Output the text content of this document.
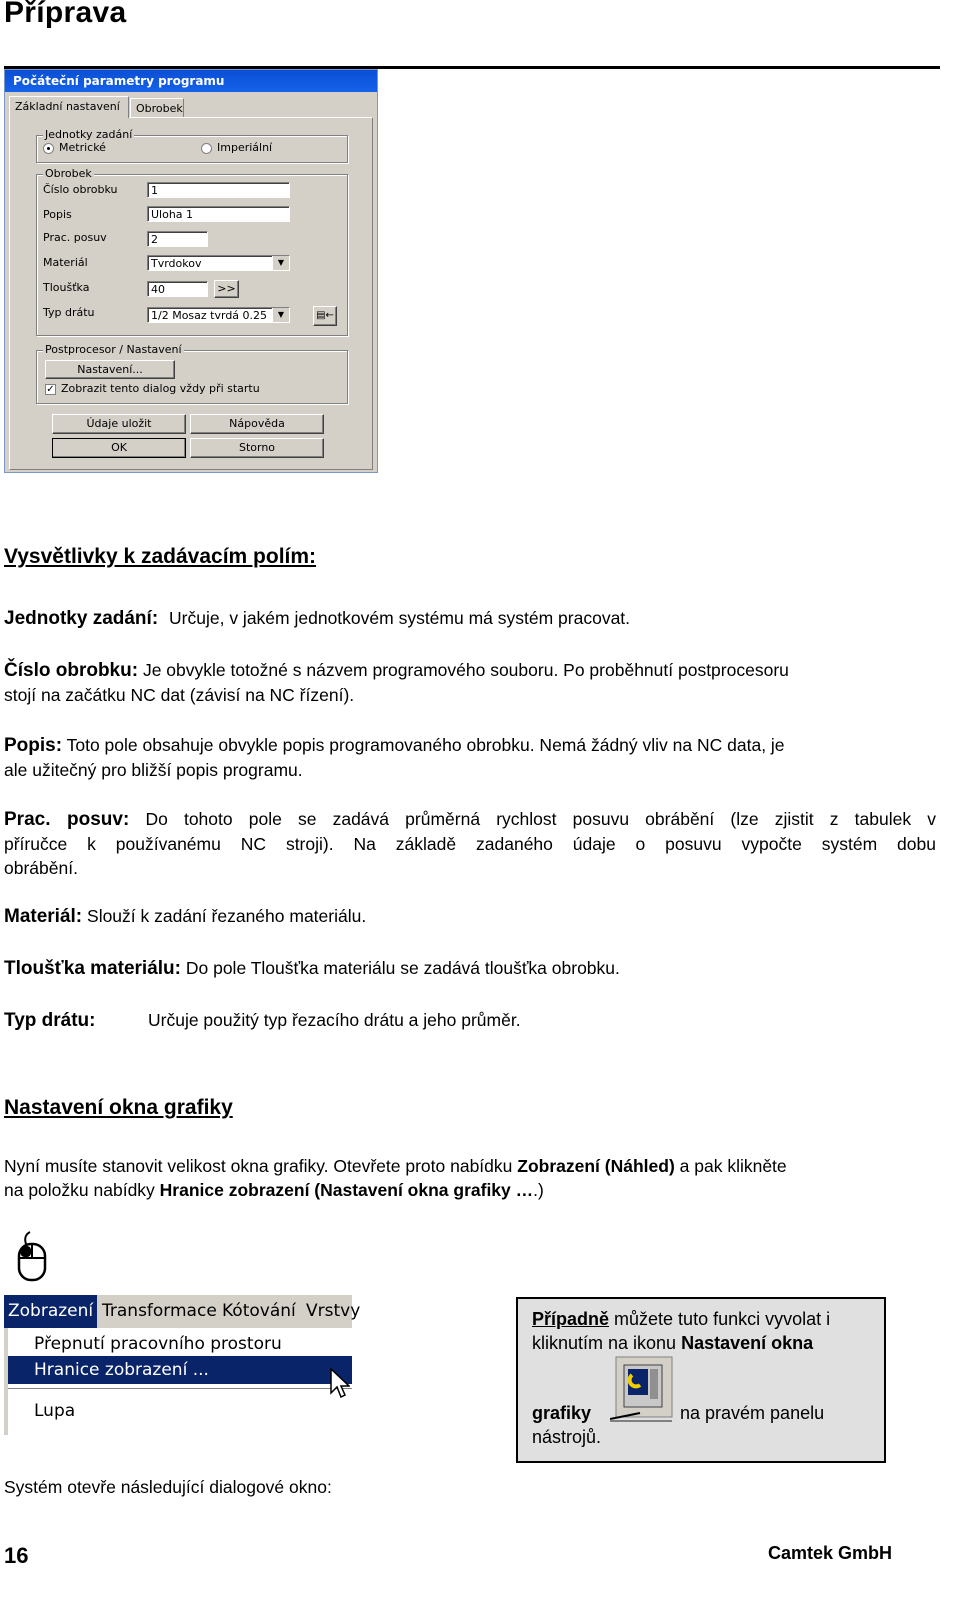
Příprava
Počáteční parametry programu
Základní nastavení	Obrobek
Jednotky zadání
Metrické	Imperiální
Obrobek
Číslo obrobku	1
Popis	Uloha 1
Prac. posuv	2
Materiál	Tvrdokov	▼
Tloušťka	40	>>
Typ drátu	1/2 Mosaz tvrdá 0.25	▼	▤←
Postprocesor / Nastavení
Nastavení...
✓ Zobrazit tento dialog vždy při startu
Údaje uložit	Nápověda
OK	Storno
Vysvětlivky k zadávacím polím:
Jednotky zadání: Určuje, v jakém jednotkovém systému má systém pracovat.
Číslo obrobku: Je obvykle totožné s názvem programového souboru. Po proběhnutí postprocesoru
stojí na začátku NC dat (závisí na NC řízení).
Popis: Toto pole obsahuje obvykle popis programovaného obrobku. Nemá žádný vliv na NC data, je
ale užitečný pro bližší popis programu.
Prac. posuv: Do tohoto pole se zadává průměrná rychlost posuvu obrábění (lze zjistit z tabulek v
příručce k používanému NC stroji). Na základě zadaného údaje o posuvu vypočte systém dobu
obrábění.
Materiál: Slouží k zadání řezaného materiálu.
Tloušťka materiálu: Do pole Tloušťka materiálu se zadává tloušťka obrobku.
Typ drátu:	Určuje použitý typ řezacího drátu a jeho průměr.
Nastavení okna grafiky
Nyní musíte stanovit velikost okna grafiky. Otevřete proto nabídku Zobrazení (Náhled) a pak klikněte
na položku nabídky Hranice zobrazení (Nastavení okna grafiky ….)
Zobrazení Transformace Kótování Vrstvy
Přepnutí pracovního prostoru
Hranice zobrazení ...
Lupa
Případně můžete tuto funkci vyvolat i
kliknutím na ikonu Nastavení okna
grafiky	na pravém panelu
nástrojů.
Systém otevře následující dialogové okno:
16	Camtek GmbH
